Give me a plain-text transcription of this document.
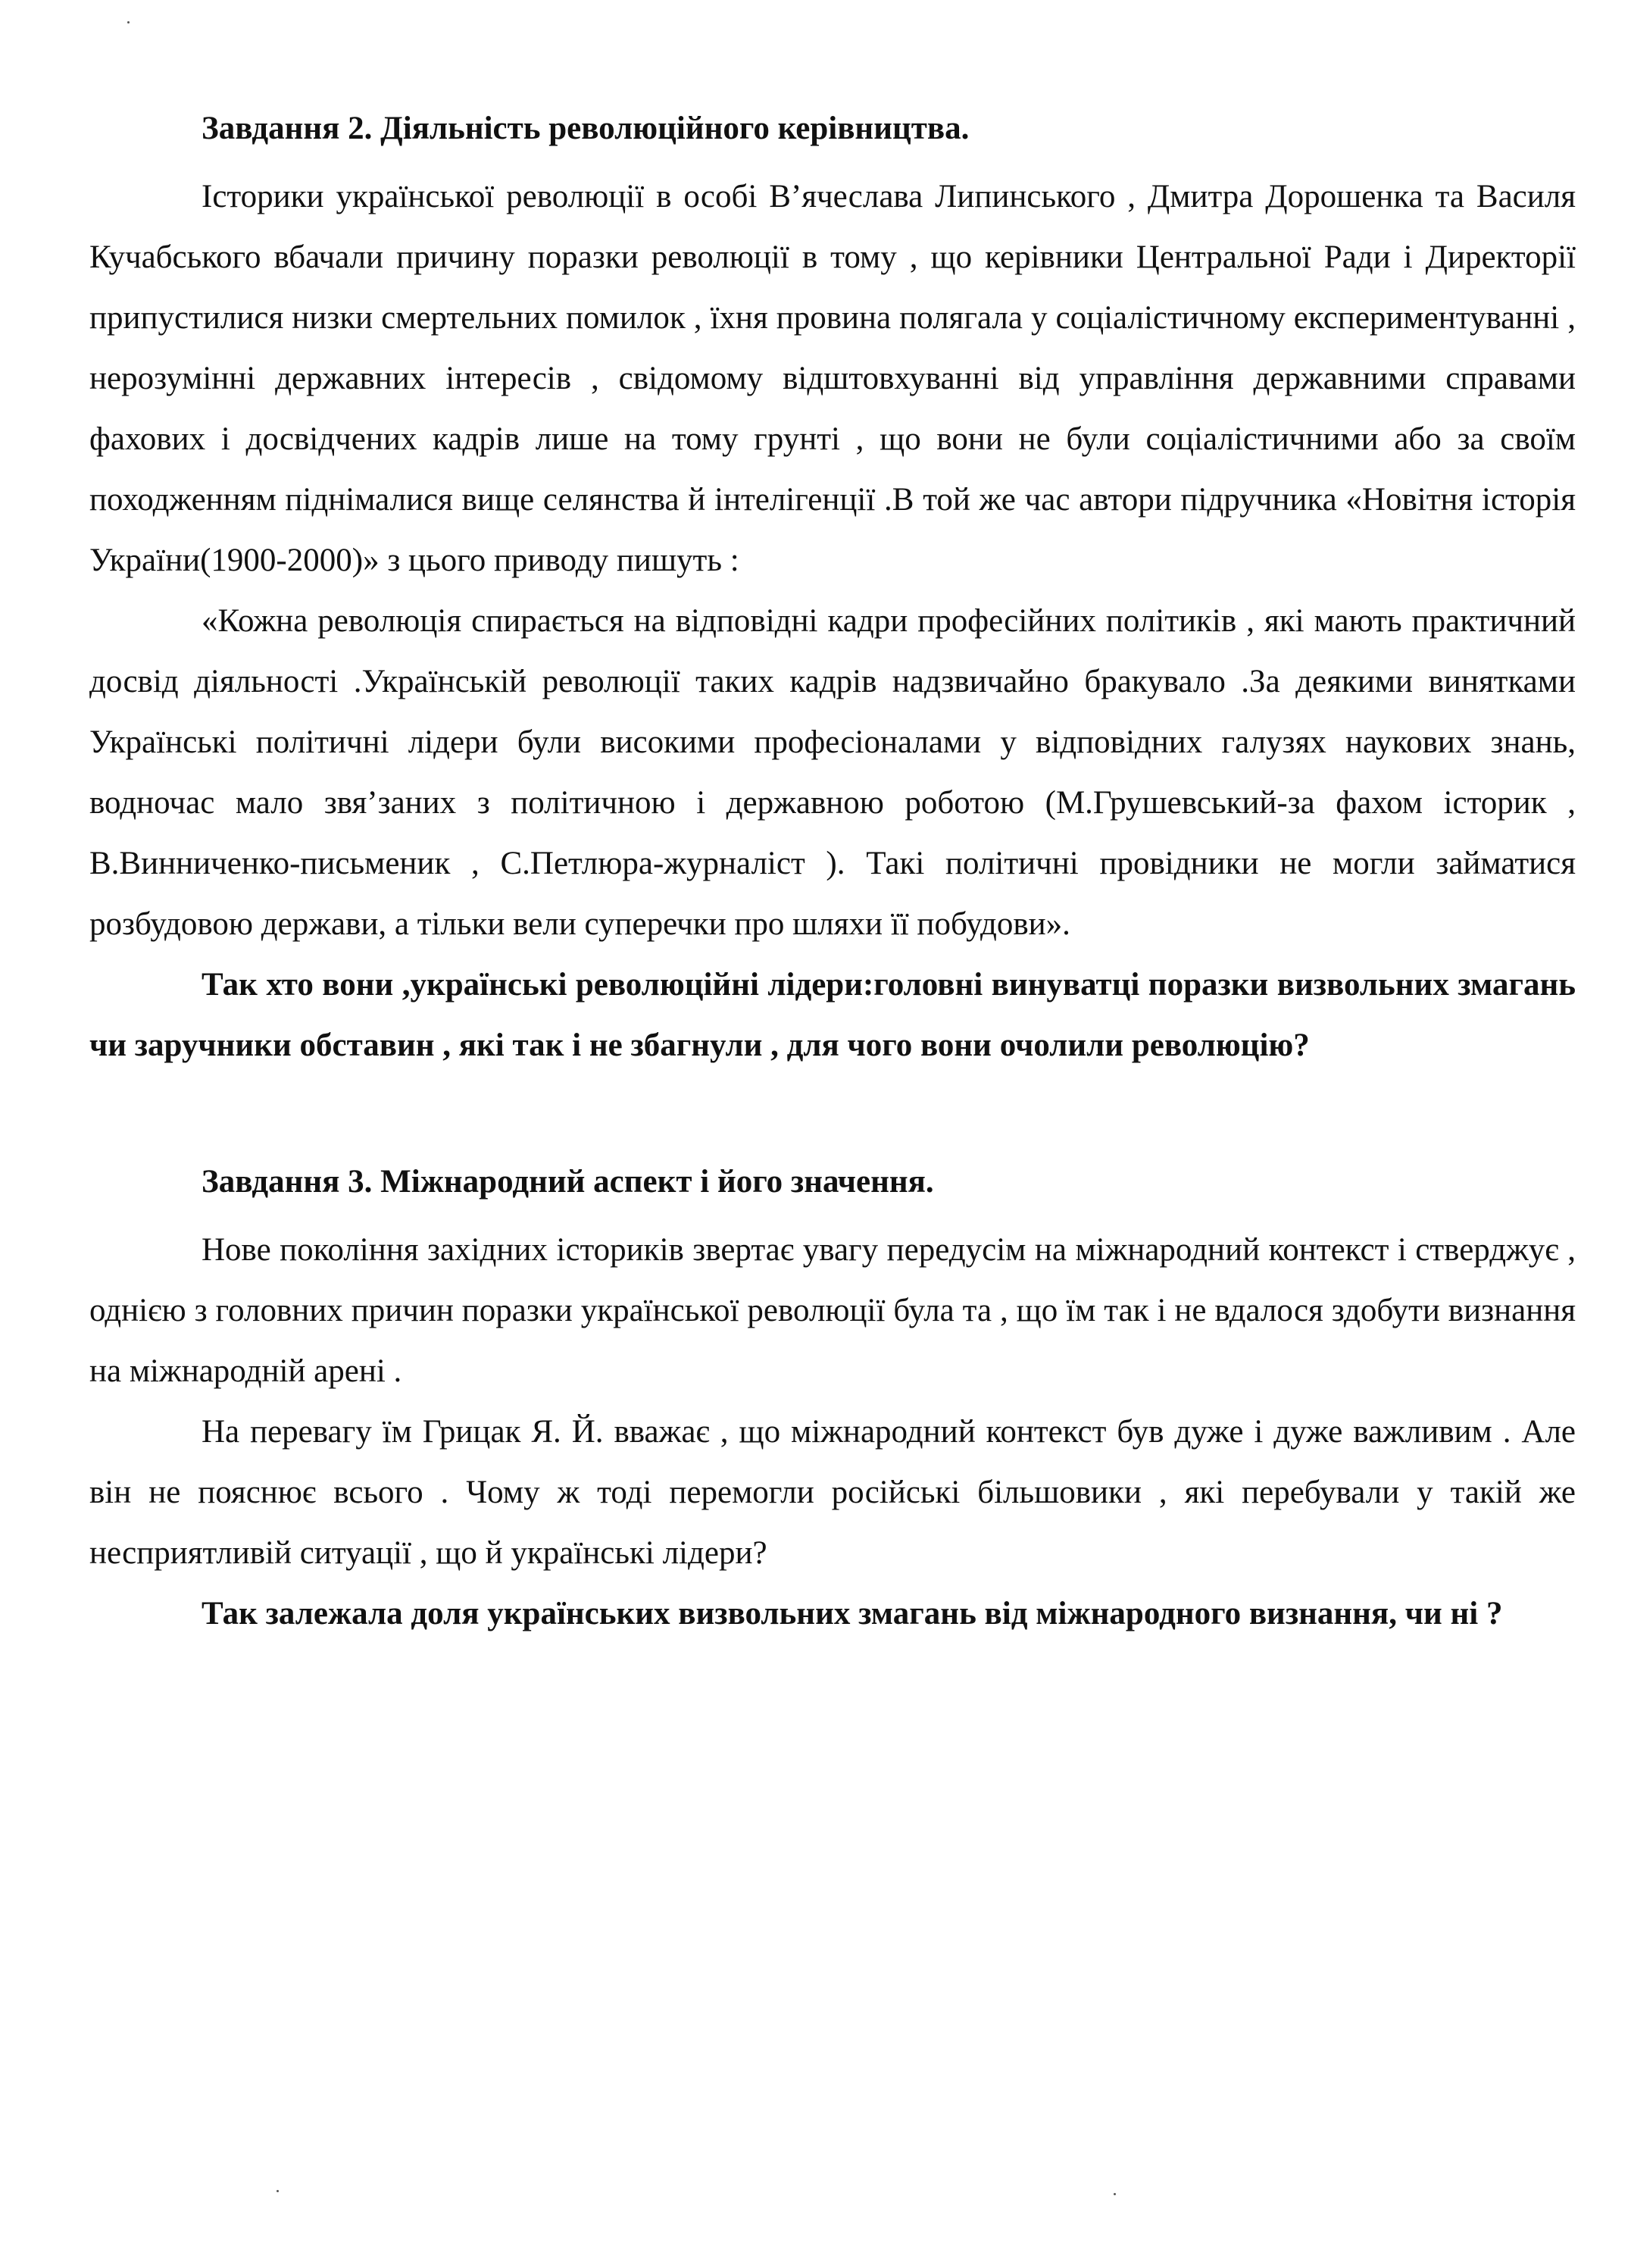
Завдання 2. Діяльність революційного керівництва.

Історики української революції в особі В’ячеслава Липинського , Дмитра Дорошенка та Василя Кучабського вбачали причину поразки революції в тому , що керівники Центральної Ради і Директорії припустилися низки смертельних помилок , їхня провина полягала у соціалістичному експериментуванні , нерозумінні державних інтересів , свідомому відштовхуванні від управління державними справами фахових і досвідчених кадрів лише на тому грунті , що вони не були соціалістичними або за своїм походженням піднімалися вище селянства й інтелігенції .В той же час автори підручника «Новітня історія України(1900-2000)» з цього приводу пишуть :

«Кожна революція спирається на відповідні кадри професійних політиків , які мають практичний досвід діяльності .Українській революції таких кадрів надзвичайно бракувало .За деякими винятками Українські політичні лідери були високими професіоналами у відповідних галузях наукових знань, водночас мало звя’заних з політичною і державною роботою (М.Грушевський-за фахом історик , В.Винниченко-письменик , С.Петлюра-журналіст ). Такі політичні провідники не могли займатися розбудовою держави, а тільки вели суперечки про шляхи її побудови».

Так хто вони ,українські революційні лідери:головні винуватці поразки визвольних змагань чи заручники обставин , які так і не збагнули , для чого вони очолили революцію?

Завдання 3. Міжнародний аспект і його значення.

Нове покоління західних істориків звертає увагу передусім на міжнародний контекст і стверджує , однією з головних причин поразки української революції була та , що їм так і не вдалося здобути визнання на міжнародній арені .

На перевагу їм Грицак Я. Й. вважає , що міжнародний контекст був дуже і дуже важливим . Але він не пояснює всього . Чому ж тоді перемогли російські більшовики , які перебували у такій же несприятливій ситуації , що й українські лідери?

Так залежала доля українських визвольних змагань від міжнародного визнання, чи ні ?
